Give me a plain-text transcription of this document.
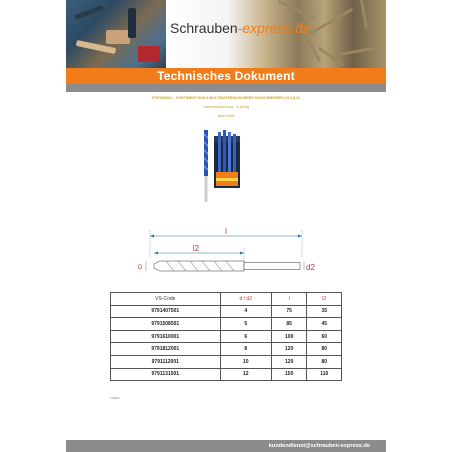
Schrauben-express.de
Technisches Dokument
9797000001 – SORTIMENT B2D 5 MULTIMATERIALBOHRER DURCHMESSER 4,5,6,8,10
Hartmetalleinsatz, 4-seitig
geschärft
l
l2
D	d2
VS-Code	d / d2	l	l2
9791407501	4	75	35
9791508501	5	85	45
9791610001	6	100	60
9791812001	8	120	80
9791112001	10	120	80
9791131501	12	150	110
TI-BLD
kundendienst@schrauben-express.de
